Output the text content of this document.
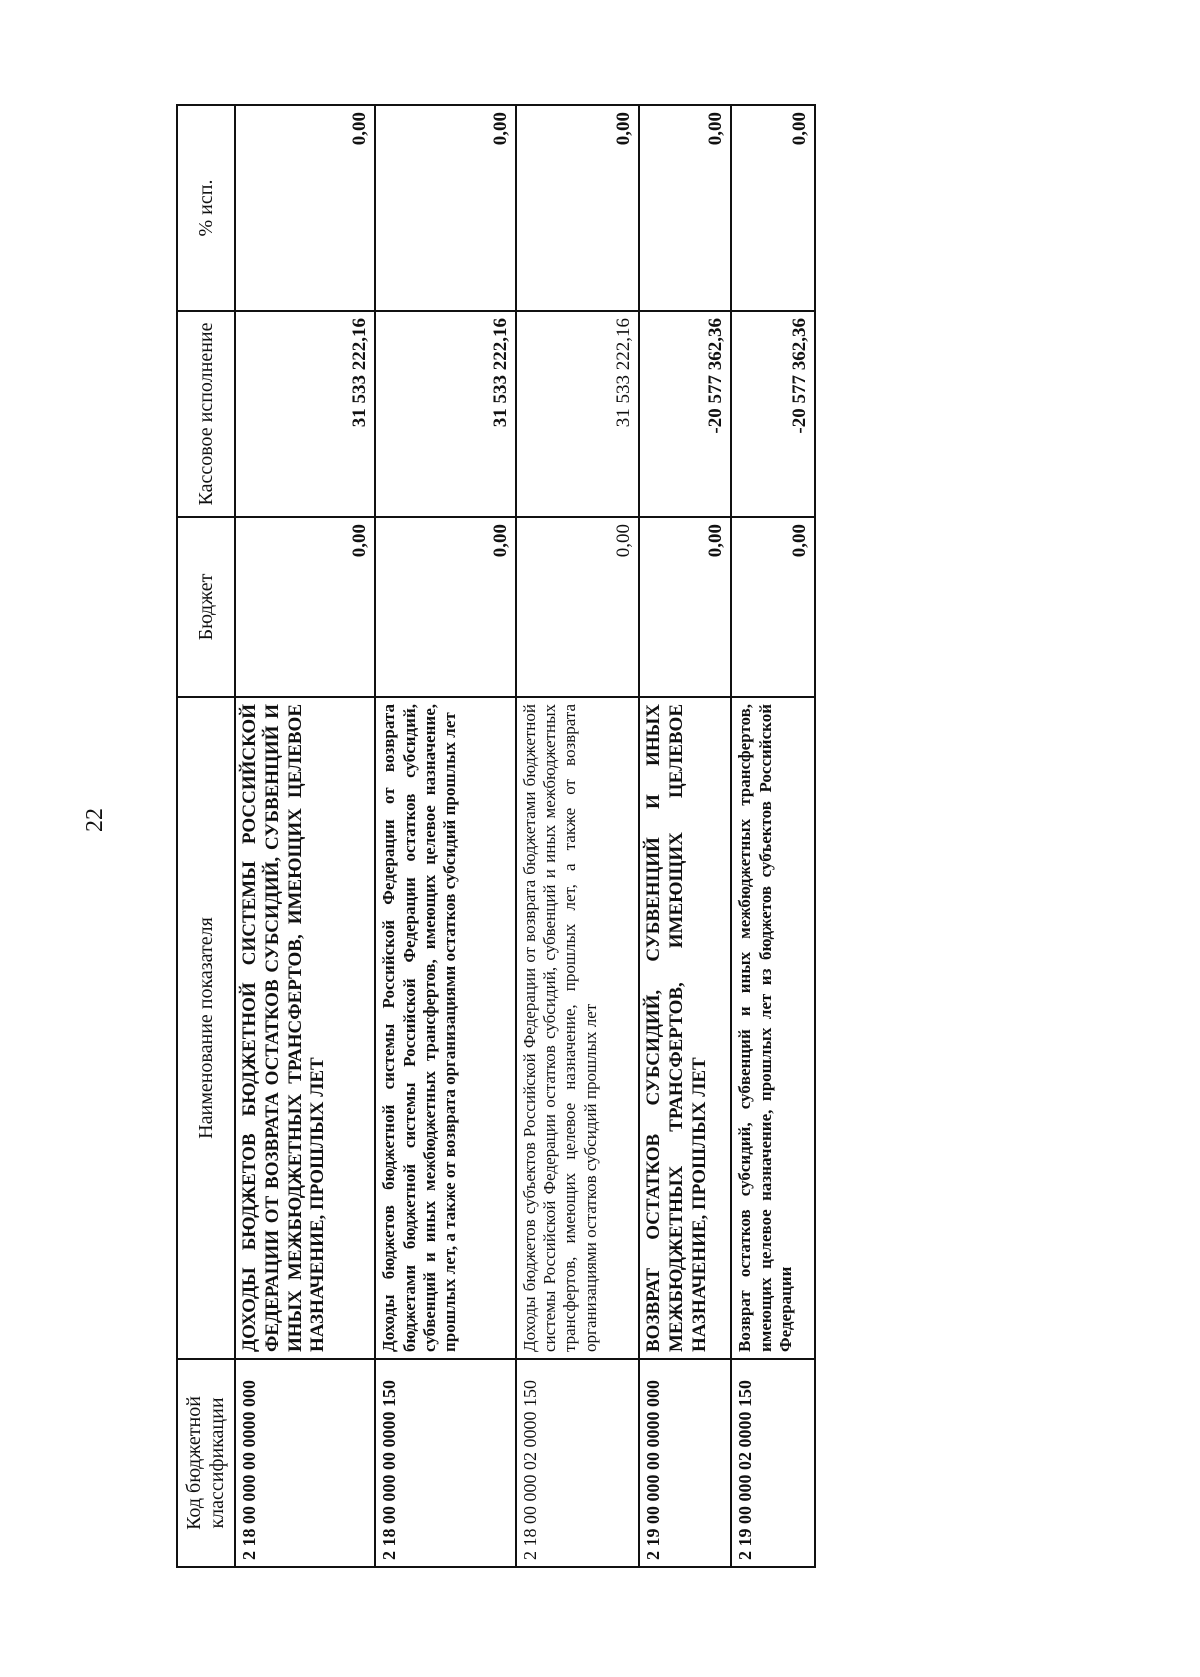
22
Код бюджетной классификации	Наименование показателя	Бюджет	Кассовое исполнение	% исп.
2 18 00 000 00 0000 000	ДОХОДЫ БЮДЖЕТОВ БЮДЖЕТНОЙ СИСТЕМЫ РОССИЙСКОЙ ФЕДЕРАЦИИ ОТ ВОЗВРАТА ОСТАТКОВ СУБСИДИЙ, СУБВЕНЦИЙ И ИНЫХ МЕЖБЮДЖЕТНЫХ ТРАНСФЕРТОВ, ИМЕЮЩИХ ЦЕЛЕВОЕ НАЗНАЧЕНИЕ, ПРОШЛЫХ ЛЕТ	0,00	31 533 222,16	0,00
2 18 00 000 00 0000 150	Доходы бюджетов бюджетной системы Российской Федерации от возврата бюджетами бюджетной системы Российской Федерации остатков субсидий, субвенций и иных межбюджетных трансфертов, имеющих целевое назначение, прошлых лет, а также от возврата организациями остатков субсидий прошлых лет	0,00	31 533 222,16	0,00
2 18 00 000 02 0000 150	Доходы бюджетов субъектов Российской Федерации от возврата бюджетами бюджетной системы Российской Федерации остатков субсидий, субвенций и иных межбюджетных трансфертов, имеющих целевое назначение, прошлых лет, а также от возврата организациями остатков субсидий прошлых лет	0,00	31 533 222,16	0,00
2 19 00 000 00 0000 000	ВОЗВРАТ ОСТАТКОВ СУБСИДИЙ, СУБВЕНЦИЙ И ИНЫХ МЕЖБЮДЖЕТНЫХ ТРАНСФЕРТОВ, ИМЕЮЩИХ ЦЕЛЕВОЕ НАЗНАЧЕНИЕ, ПРОШЛЫХ ЛЕТ	0,00	-20 577 362,36	0,00
2 19 00 000 02 0000 150	Возврат остатков субсидий, субвенций и иных межбюджетных трансфертов, имеющих целевое назначение, прошлых лет из бюджетов субъектов Российской Федерации	0,00	-20 577 362,36	0,00
